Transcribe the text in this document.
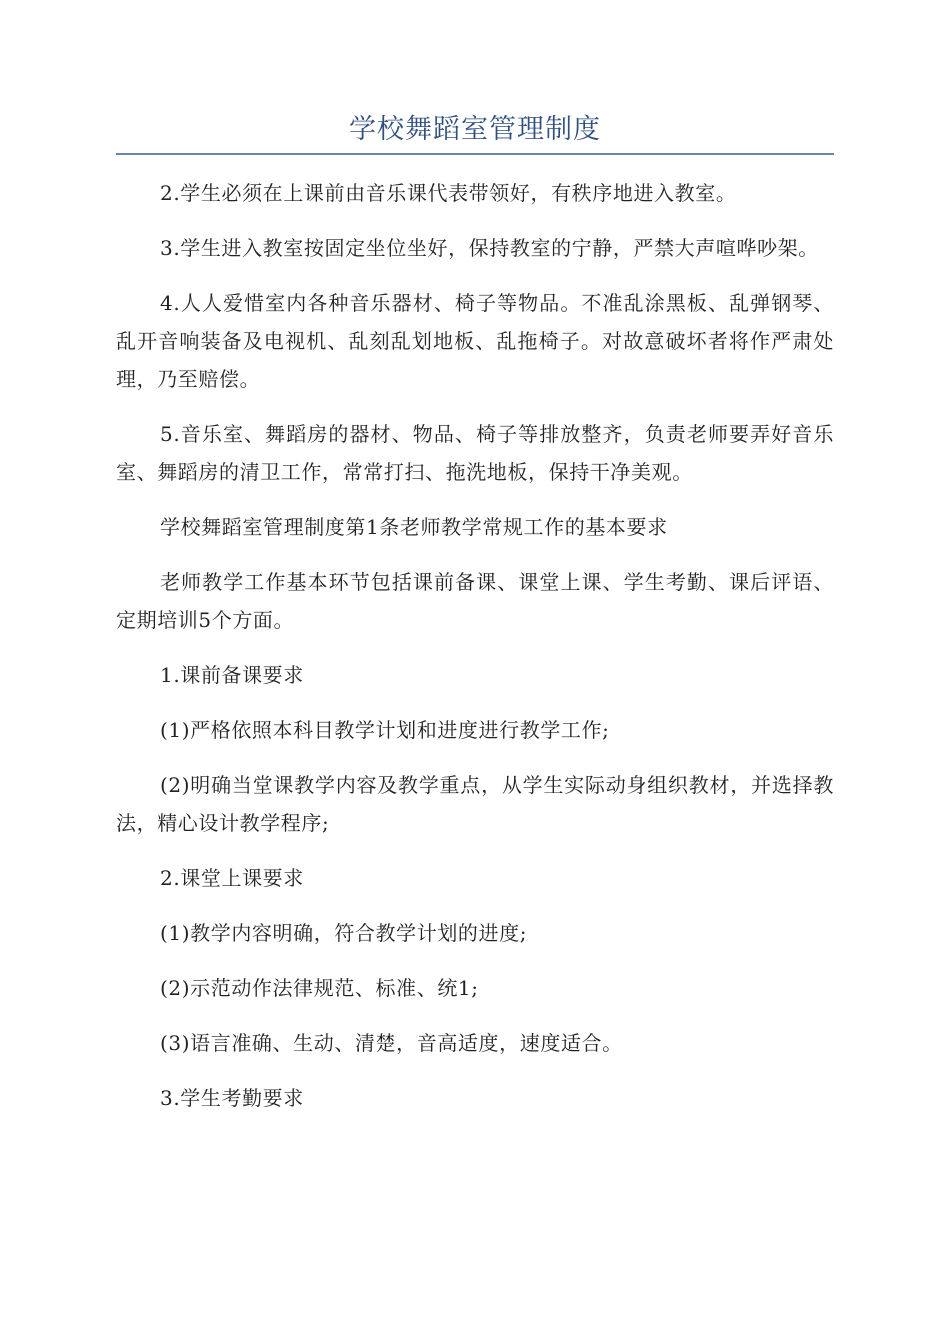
学校舞蹈室管理制度

2.学生必须在上课前由音乐课代表带领好，有秩序地进入教室。

3.学生进入教室按固定坐位坐好，保持教室的宁静，严禁大声喧哗吵架。

4.人人爱惜室内各种音乐器材、椅子等物品。不准乱涂黑板、乱弹钢琴、乱开音响装备及电视机、乱刻乱划地板、乱拖椅子。对故意破坏者将作严肃处理，乃至赔偿。

5.音乐室、舞蹈房的器材、物品、椅子等排放整齐，负责老师要弄好音乐室、舞蹈房的清卫工作，常常打扫、拖洗地板，保持干净美观。

学校舞蹈室管理制度第1条老师教学常规工作的基本要求

老师教学工作基本环节包括课前备课、课堂上课、学生考勤、课后评语、定期培训5个方面。

1.课前备课要求

(1)严格依照本科目教学计划和进度进行教学工作;

(2)明确当堂课教学内容及教学重点，从学生实际动身组织教材，并选择教法，精心设计教学程序;

2.课堂上课要求

(1)教学内容明确，符合教学计划的进度;

(2)示范动作法律规范、标准、统1;

(3)语言准确、生动、清楚，音高适度，速度适合。

3.学生考勤要求
